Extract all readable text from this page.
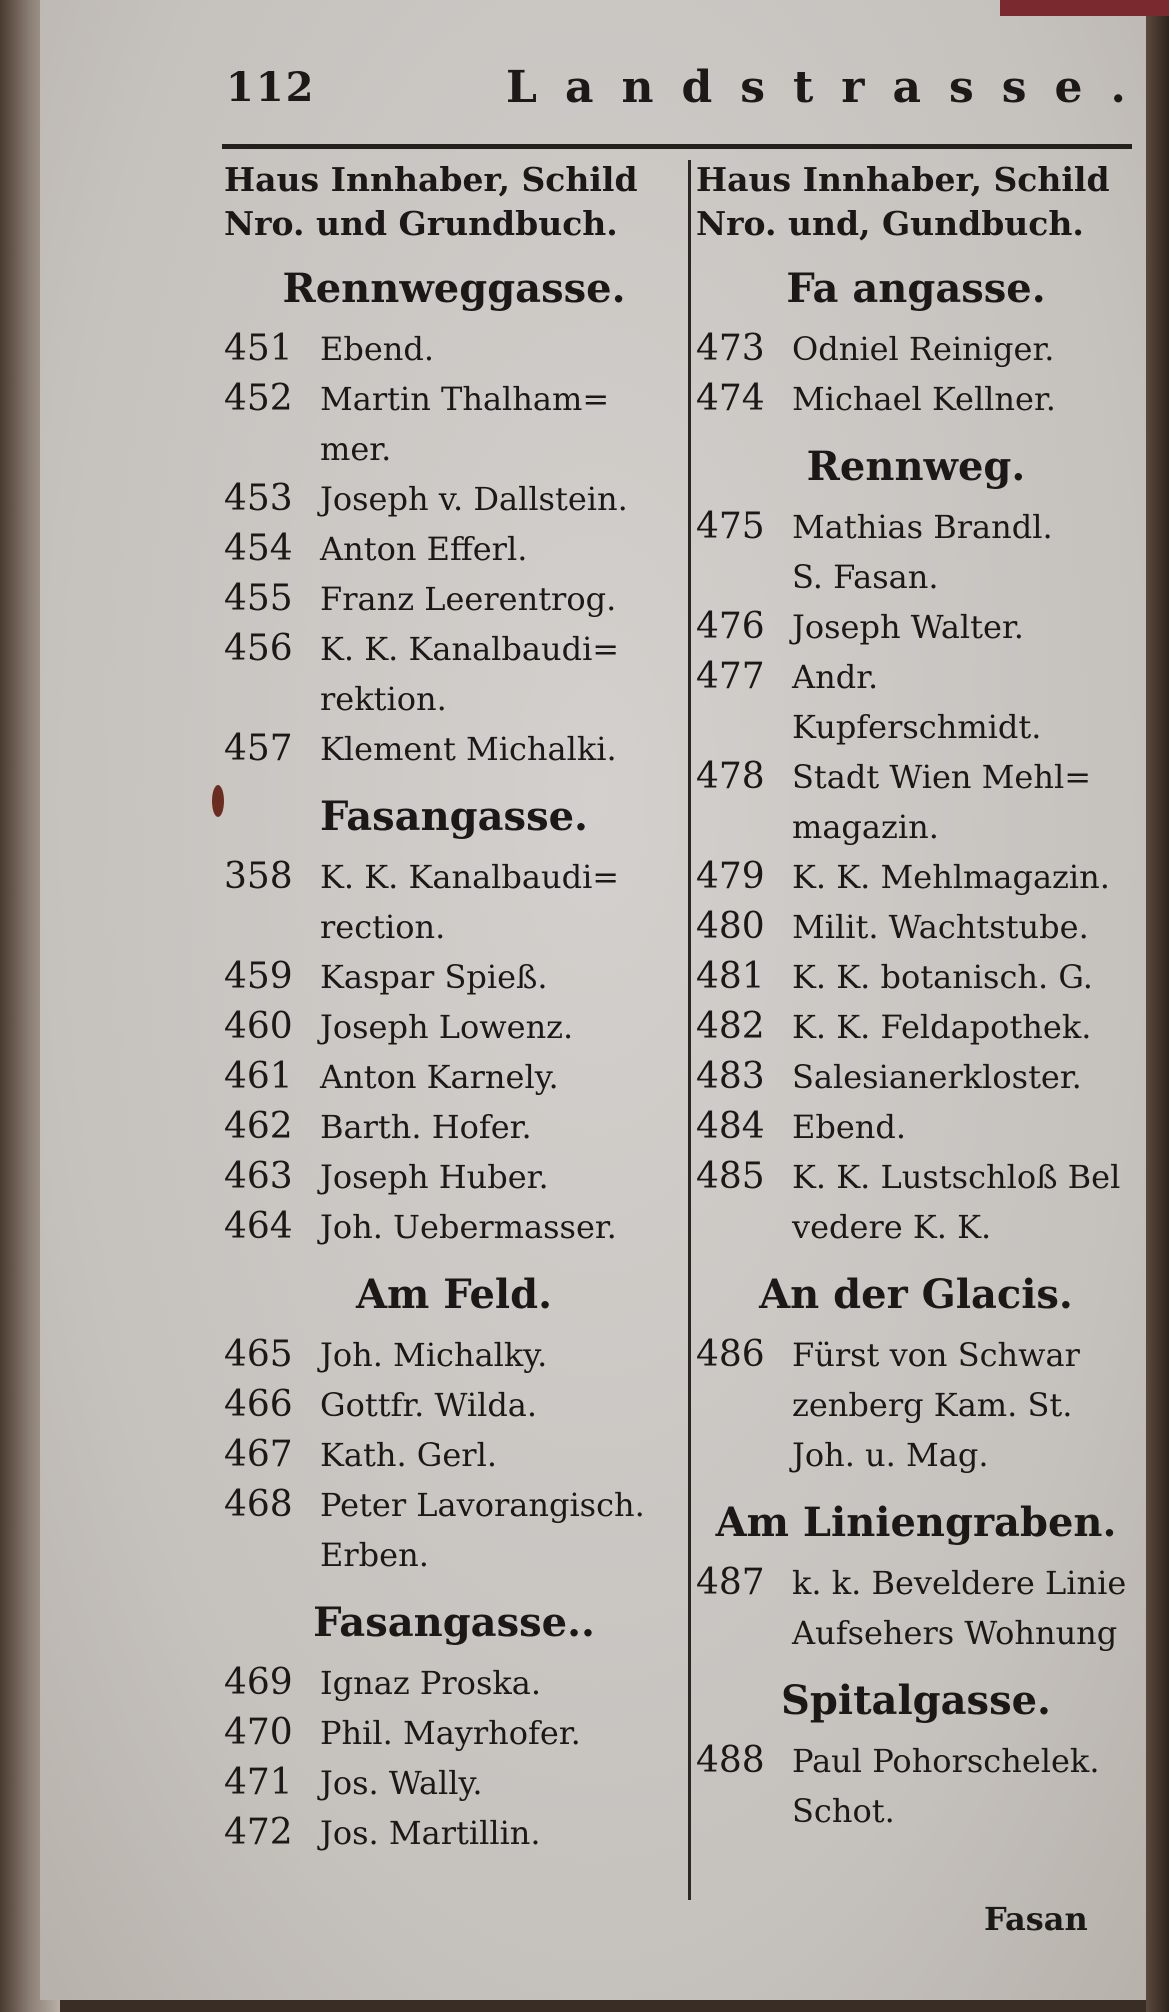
112	Landstrasse.

Haus Innhaber, Schild

Nro. und Grundbuch.

Rennweggasse.
451 Ebend.
452 Martin Thalham=
mer.
453 Joseph v. Dallstein.
454 Anton Efferl.
455 Franz Leerentrog.
456 K. K. Kanalbaudi=
rektion.
457 Klement Michalki.
Fasangasse.
358 K. K. Kanalbaudi=
rection.
459 Kaspar Spieß.
460 Joseph Lowenz.
461 Anton Karnely.
462 Barth. Hofer.
463 Joseph Huber.
464 Joh. Uebermasser.
Am Feld.
465 Joh. Michalky.
466 Gottfr. Wilda.
467 Kath. Gerl.
468 Peter Lavorangisch.
Erben.
Fasangasse..
469 Ignaz Proska.
470 Phil. Mayrhofer.
471 Jos. Wally.
472 Jos. Martillin.

Haus Innhaber, Schild

Nro. und, Gundbuch.

Fa angasse.
473 Odniel Reiniger.
474 Michael Kellner.
Rennweg.
475 Mathias Brandl.
S. Fasan.
476 Joseph Walter.
477 Andr. Kupferschmidt.
478 Stadt Wien Mehl=
magazin.
479 K. K. Mehlmagazin.
480 Milit. Wachtstube.
481 K. K. botanisch. G.
482 K. K. Feldapothek.
483 Salesianerkloster.
484 Ebend.
485 K. K. Lustschloß Bel
vedere K. K.
An der Glacis.
486 Fürst von Schwar
zenberg Kam. St.
Joh. u. Mag.
Am Liniengraben.
487 k. k. Beveldere Linie
Aufsehers Wohnung
Spitalgasse.
488 Paul Pohorschelek.
Schot.
Fasan
